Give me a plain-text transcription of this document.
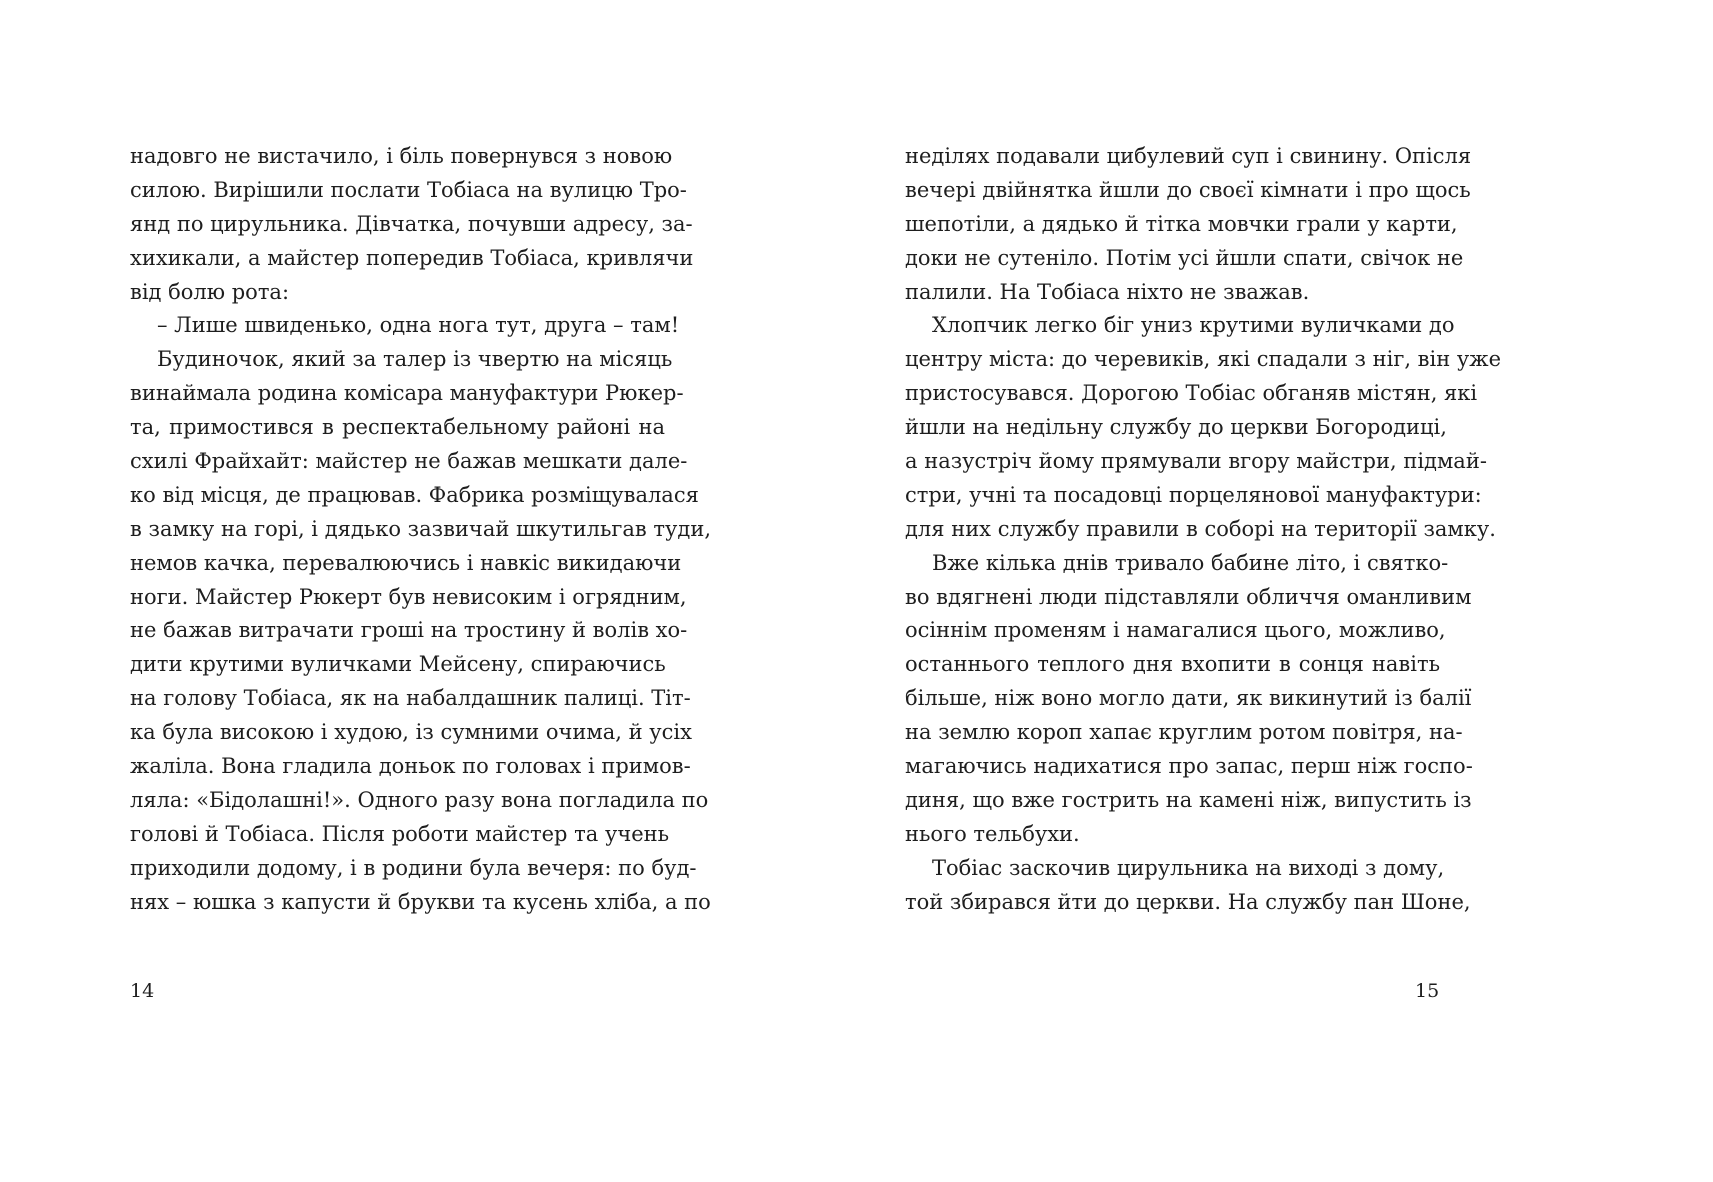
надовго не вистачило, і біль повернувся з новою
силою. Вирішили послати Тобіаса на вулицю Тро-
янд по цирульника. Дівчатка, почувши адресу, за-
хихикали, а майстер попередив Тобіаса, кривлячи
від болю рота:
– Лише швиденько, одна нога тут, друга – там!
Будиночок, який за талер із чвертю на місяць
винаймала родина комісара мануфактури Рюкер-
та, примостився в респектабельному районі на
схилі Фрайхайт: майстер не бажав мешкати дале-
ко від місця, де працював. Фабрика розміщувалася
в замку на горі, і дядько зазвичай шкутильгав туди,
немов качка, перевалюючись і навкіс викидаючи
ноги. Майстер Рюкерт був невисоким і огрядним,
не бажав витрачати гроші на тростину й волів хо-
дити крутими вуличками Мейсену, спираючись
на голову Тобіаса, як на набалдашник палиці. Тіт-
ка була високою і худою, із сумними очима, й усіх
жаліла. Вона гладила доньок по головах і примов-
ляла: «Бідолашні!». Одного разу вона погладила по
голові й Тобіаса. Після роботи майстер та учень
приходили додому, і в родини була вечеря: по буд-
нях – юшка з капусти й брукви та кусень хліба, а по
14
неділях подавали цибулевий суп і свинину. Опісля
вечері двійнятка йшли до своєї кімнати і про щось
шепотіли, а дядько й тітка мовчки грали у карти,
доки не сутеніло. Потім усі йшли спати, свічок не
палили. На Тобіаса ніхто не зважав.
Хлопчик легко біг униз крутими вуличками до
центру міста: до черевиків, які спадали з ніг, він уже
пристосувався. Дорогою Тобіас обганяв містян, які
йшли на недільну службу до церкви Богородиці,
а назустріч йому прямували вгору майстри, підмай-
стри, учні та посадовці порцелянової мануфактури:
для них службу правили в соборі на території замку.
Вже кілька днів тривало бабине літо, і святко-
во вдягнені люди підставляли обличчя оманливим
осіннім променям і намагалися цього, можливо,
останнього теплого дня вхопити в сонця навіть
більше, ніж воно могло дати, як викинутий із балії
на землю короп хапає круглим ротом повітря, на-
магаючись надихатися про запас, перш ніж госпо-
диня, що вже гострить на камені ніж, випустить із
нього тельбухи.
Тобіас заскочив цирульника на виході з дому,
той збирався йти до церкви. На службу пан Шоне,
15
